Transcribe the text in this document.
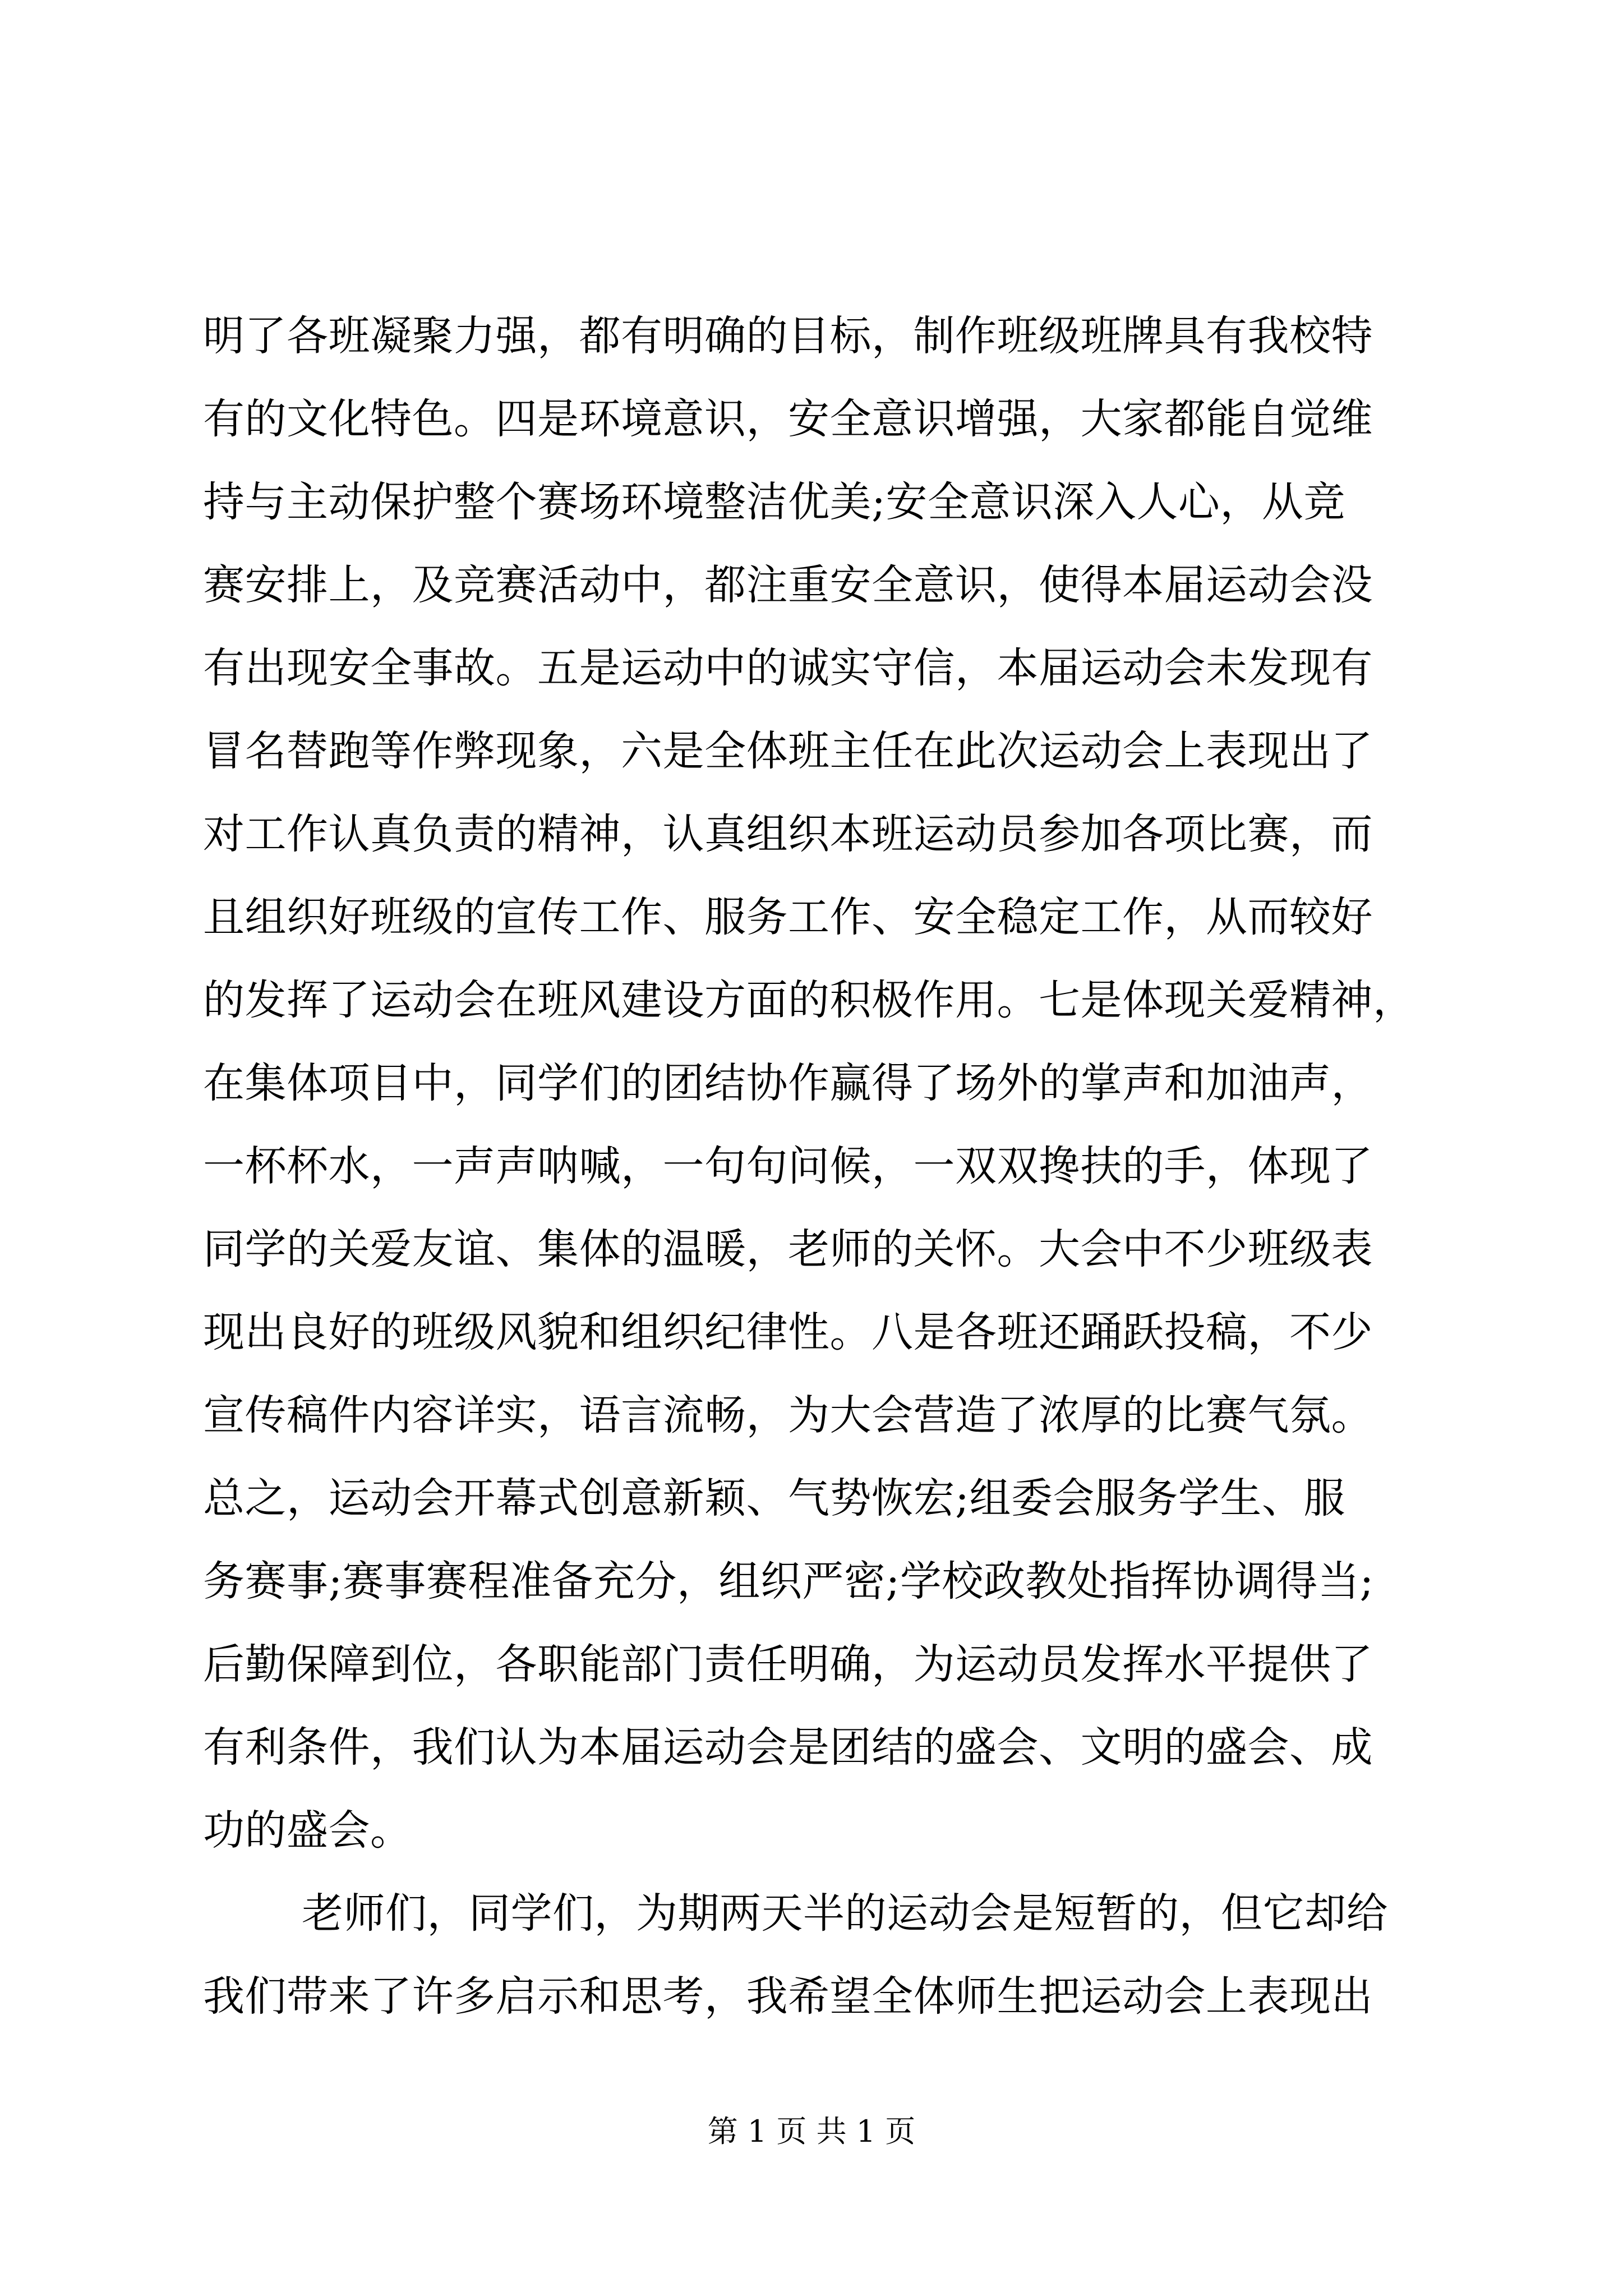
明了各班凝聚力强，都有明确的目标，制作班级班牌具有我校特
有的文化特色。四是环境意识，安全意识增强，大家都能自觉维
持与主动保护整个赛场环境整洁优美;安全意识深入人心，从竞
赛安排上，及竞赛活动中，都注重安全意识，使得本届运动会没
有出现安全事故。五是运动中的诚实守信，本届运动会未发现有
冒名替跑等作弊现象，六是全体班主任在此次运动会上表现出了
对工作认真负责的精神，认真组织本班运动员参加各项比赛，而
且组织好班级的宣传工作、服务工作、安全稳定工作，从而较好
的发挥了运动会在班风建设方面的积极作用。七是体现关爱精神，
在集体项目中，同学们的团结协作赢得了场外的掌声和加油声，
一杯杯水，一声声呐喊，一句句问候，一双双搀扶的手，体现了
同学的关爱友谊、集体的温暖，老师的关怀。大会中不少班级表
现出良好的班级风貌和组织纪律性。八是各班还踊跃投稿，不少
宣传稿件内容详实，语言流畅，为大会营造了浓厚的比赛气氛。
总之，运动会开幕式创意新颖、气势恢宏;组委会服务学生、服
务赛事;赛事赛程准备充分，组织严密;学校政教处指挥协调得当;
后勤保障到位，各职能部门责任明确，为运动员发挥水平提供了
有利条件，我们认为本届运动会是团结的盛会、文明的盛会、成
功的盛会。
老师们，同学们，为期两天半的运动会是短暂的，但它却给
我们带来了许多启示和思考，我希望全体师生把运动会上表现出
第 1 页 共 1 页
